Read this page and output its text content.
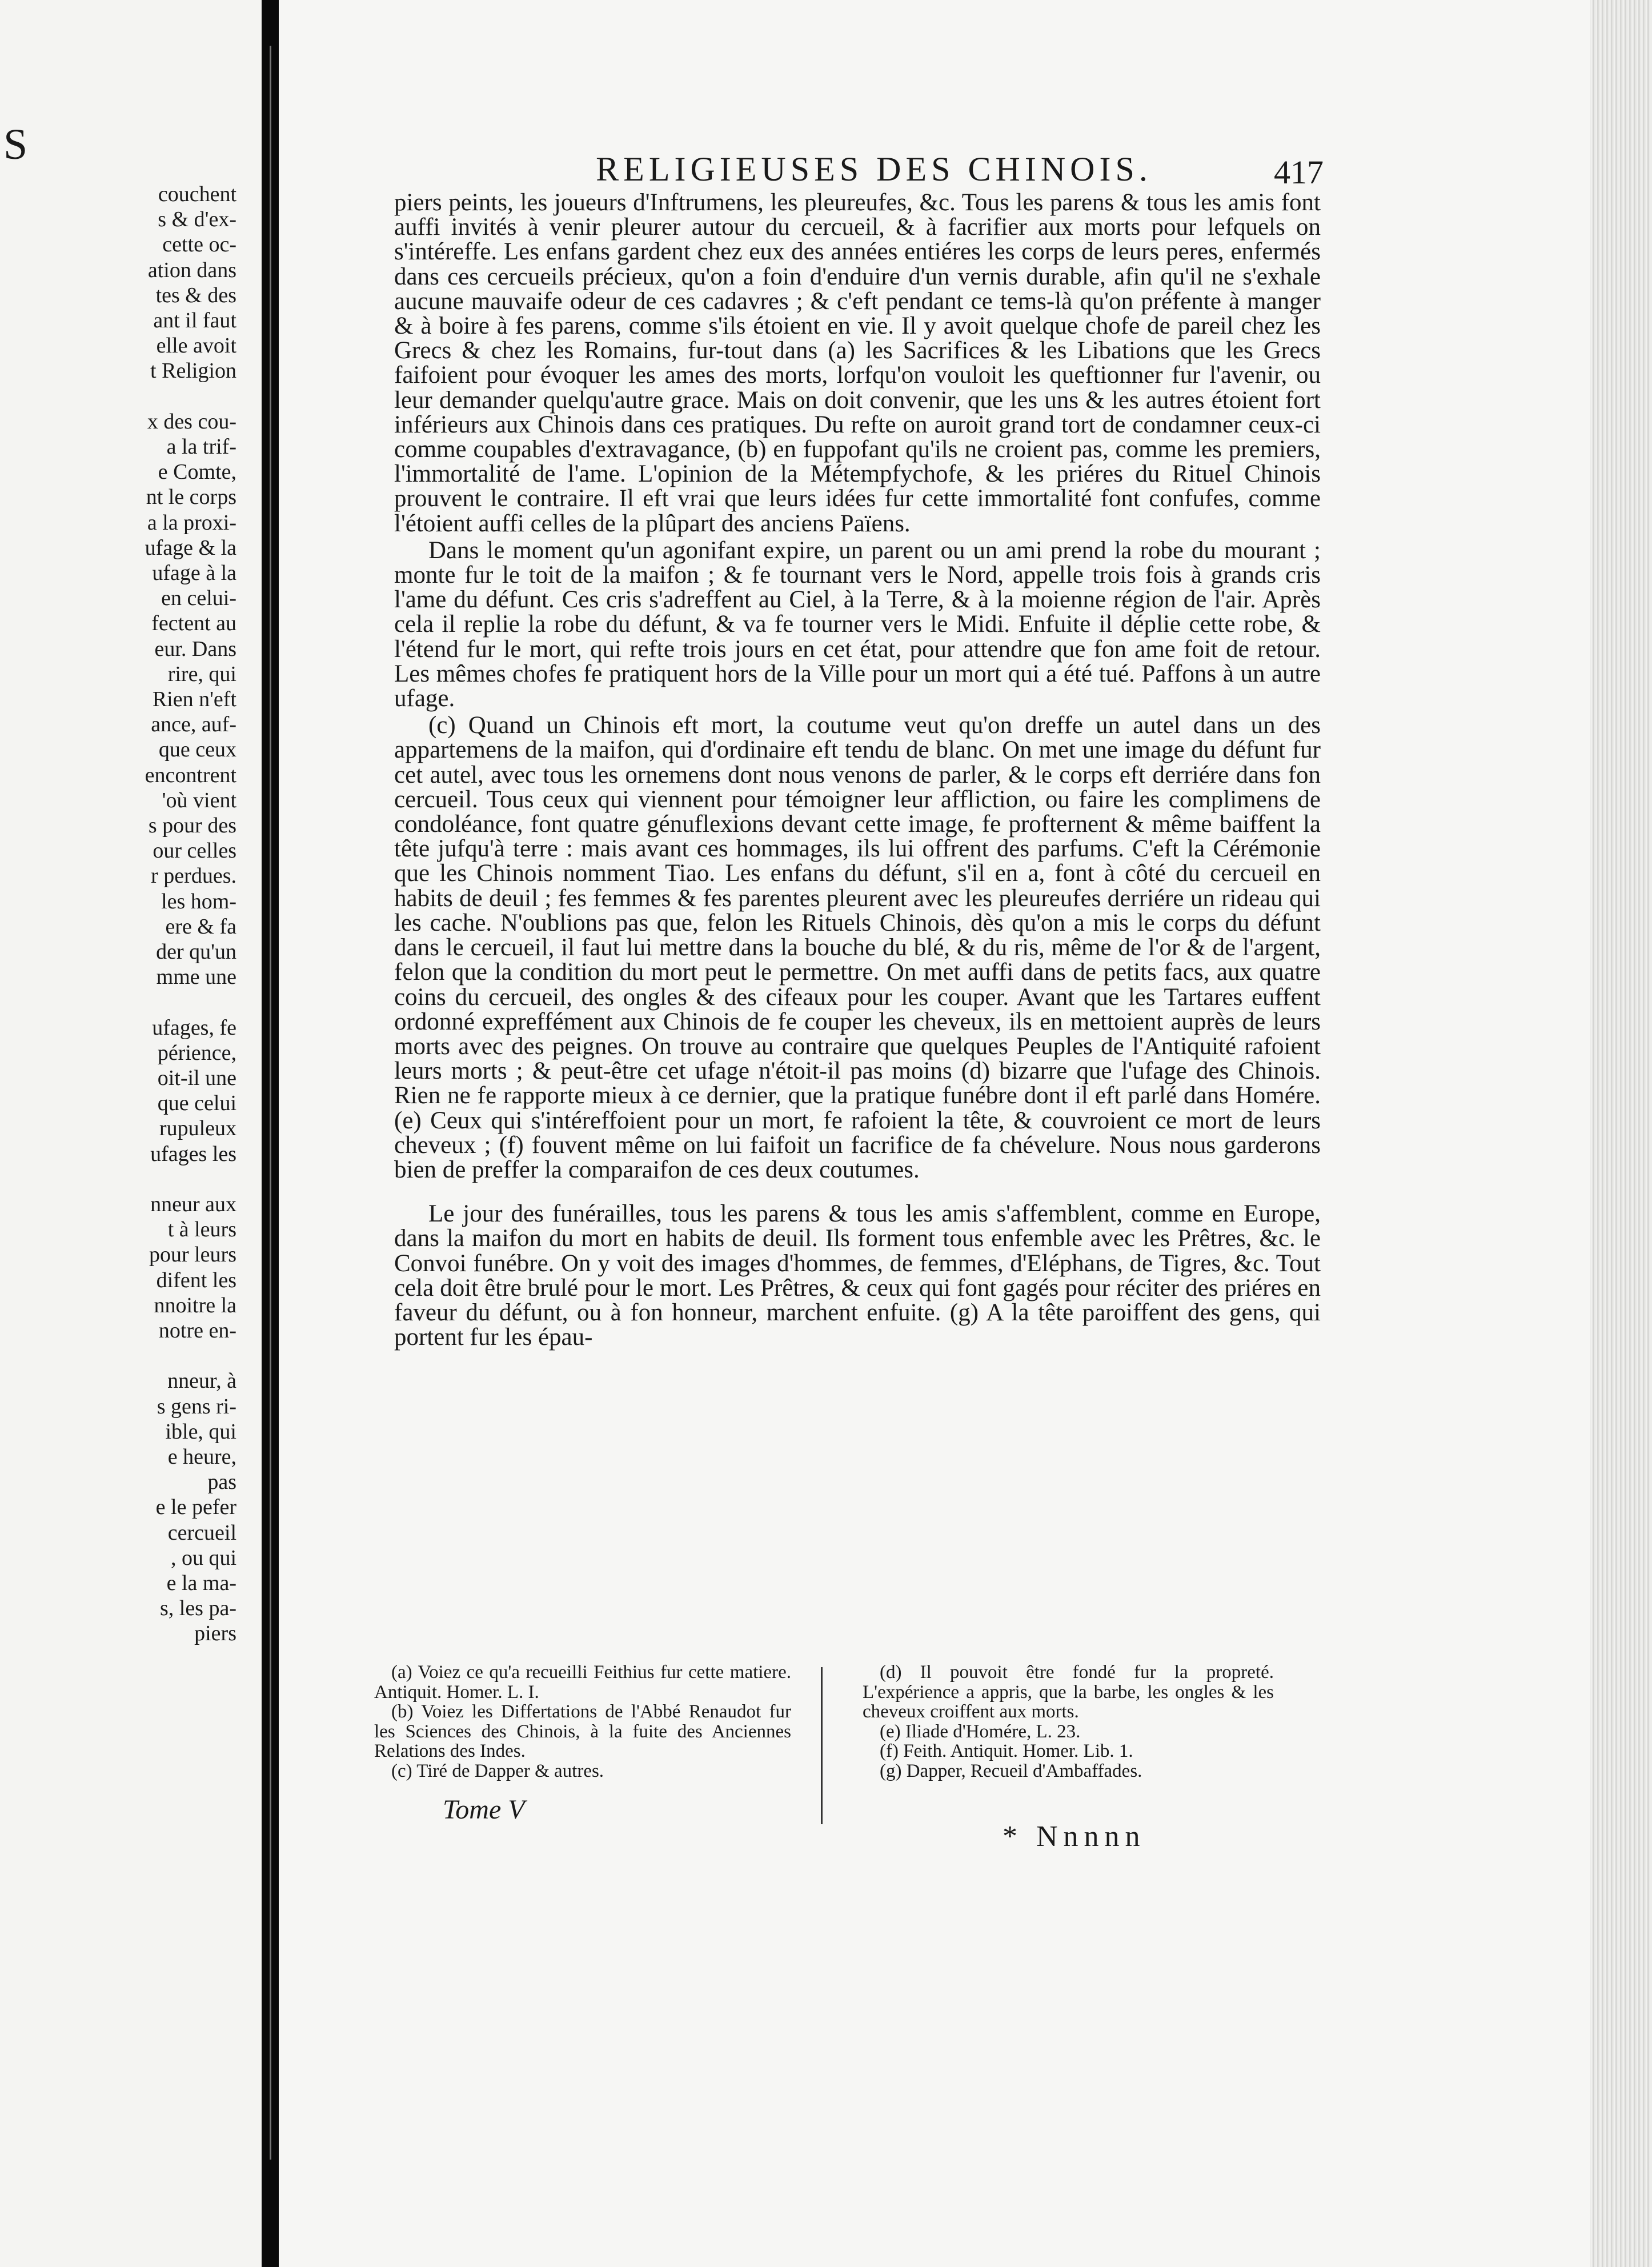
S
couchent
s & d'ex-
cette oc-
ation dans
tes & des
ant il faut
elle avoit
t Religion
x des cou-
a la trif-
e Comte,
nt le corps
a la proxi-
ufage & la
ufage à la
en celui-
fectent au
eur. Dans
rire, qui
Rien n'eft
ance, auf-
que ceux
encontrent
'où vient
s pour des
our celles
r perdues.
les hom-
ere & fa
der qu'un
mme une
ufages, fe
périence,
oit-il une
que celui
rupuleux
ufages les
nneur aux
t à leurs
pour leurs
difent les
nnoitre la
notre en-
nneur, à
s gens ri-
ible, qui
e heure,
pas
e le pefer
cercueil
, ou qui
e la ma-
s, les pa-
piers
RELIGIEUSES DES CHINOIS.	417

piers peints, les joueurs d'Inftrumens, les pleureufes, &c. Tous les parens & tous les amis font auffi invités à venir pleurer autour du cercueil, & à facrifier aux morts pour lefquels on s'intéreffe. Les enfans gardent chez eux des années entiéres les corps de leurs peres, enfermés dans ces cercueils précieux, qu'on a foin d'enduire d'un vernis durable, afin qu'il ne s'exhale aucune mauvaife odeur de ces cadavres ; & c'eft pendant ce tems-là qu'on préfente à manger & à boire à fes parens, comme s'ils étoient en vie. Il y avoit quelque chofe de pareil chez les Grecs & chez les Romains, fur-tout dans (a) les Sacrifices & les Libations que les Grecs faifoient pour évoquer les ames des morts, lorfqu'on vouloit les queftionner fur l'avenir, ou leur demander quelqu'autre grace. Mais on doit convenir, que les uns & les autres étoient fort inférieurs aux Chinois dans ces pratiques. Du refte on auroit grand tort de condamner ceux-ci comme coupables d'extravagance, (b) en fuppofant qu'ils ne croient pas, comme les premiers, l'immortalité de l'ame. L'opinion de la Métempfychofe, & les priéres du Rituel Chinois prouvent le contraire. Il eft vrai que leurs idées fur cette immortalité font confufes, comme l'étoient auffi celles de la plûpart des anciens Païens.

Dans le moment qu'un agonifant expire, un parent ou un ami prend la robe du mourant ; monte fur le toit de la maifon ; & fe tournant vers le Nord, appelle trois fois à grands cris l'ame du défunt. Ces cris s'adreffent au Ciel, à la Terre, & à la moienne région de l'air. Après cela il replie la robe du défunt, & va fe tourner vers le Midi. Enfuite il déplie cette robe, & l'étend fur le mort, qui refte trois jours en cet état, pour attendre que fon ame foit de retour. Les mêmes chofes fe pratiquent hors de la Ville pour un mort qui a été tué. Paffons à un autre ufage.

(c) Quand un Chinois eft mort, la coutume veut qu'on dreffe un autel dans un des appartemens de la maifon, qui d'ordinaire eft tendu de blanc. On met une image du défunt fur cet autel, avec tous les ornemens dont nous venons de parler, & le corps eft derriére dans fon cercueil. Tous ceux qui viennent pour témoigner leur affliction, ou faire les complimens de condoléance, font quatre génuflexions devant cette image, fe profternent & même baiffent la tête jufqu'à terre : mais avant ces hommages, ils lui offrent des parfums. C'eft la Cérémonie que les Chinois nomment Tiao. Les enfans du défunt, s'il en a, font à côté du cercueil en habits de deuil ; fes femmes & fes parentes pleurent avec les pleureufes derriére un rideau qui les cache. N'oublions pas que, felon les Rituels Chinois, dès qu'on a mis le corps du défunt dans le cercueil, il faut lui mettre dans la bouche du blé, & du ris, même de l'or & de l'argent, felon que la condition du mort peut le permettre. On met auffi dans de petits facs, aux quatre coins du cercueil, des ongles & des cifeaux pour les couper. Avant que les Tartares euffent ordonné expreffément aux Chinois de fe couper les cheveux, ils en mettoient auprès de leurs morts avec des peignes. On trouve au contraire que quelques Peuples de l'Antiquité rafoient leurs morts ; & peut-être cet ufage n'étoit-il pas moins (d) bizarre que l'ufage des Chinois. Rien ne fe rapporte mieux à ce dernier, que la pratique funébre dont il eft parlé dans Homére. (e) Ceux qui s'intéreffoient pour un mort, fe rafoient la tête, & couvroient ce mort de leurs cheveux ; (f) fouvent même on lui faifoit un facrifice de fa chévelure. Nous nous garderons bien de preffer la comparaifon de ces deux coutumes.

Le jour des funérailles, tous les parens & tous les amis s'affemblent, comme en Europe, dans la maifon du mort en habits de deuil. Ils forment tous enfemble avec les Prêtres, &c. le Convoi funébre. On y voit des images d'hommes, de femmes, d'Eléphans, de Tigres, &c. Tout cela doit être brulé pour le mort. Les Prêtres, & ceux qui font gagés pour réciter des priéres en faveur du défunt, ou à fon honneur, marchent enfuite. (g) A la tête paroiffent des gens, qui portent fur les épau-

(a) Voiez ce qu'a recueilli Feithius fur cette matiere. Antiquit. Homer. L. I.

(b) Voiez les Differtations de l'Abbé Renaudot fur les Sciences des Chinois, à la fuite des Anciennes Relations des Indes.

(c) Tiré de Dapper & autres.

(d) Il pouvoit être fondé fur la propreté. L'expérience a appris, que la barbe, les ongles & les cheveux croiffent aux morts.

(e) Iliade d'Homére, L. 23.

(f) Feith. Antiquit. Homer. Lib. 1.

(g) Dapper, Recueil d'Ambaffades.

Tome V
* Nnnnn
